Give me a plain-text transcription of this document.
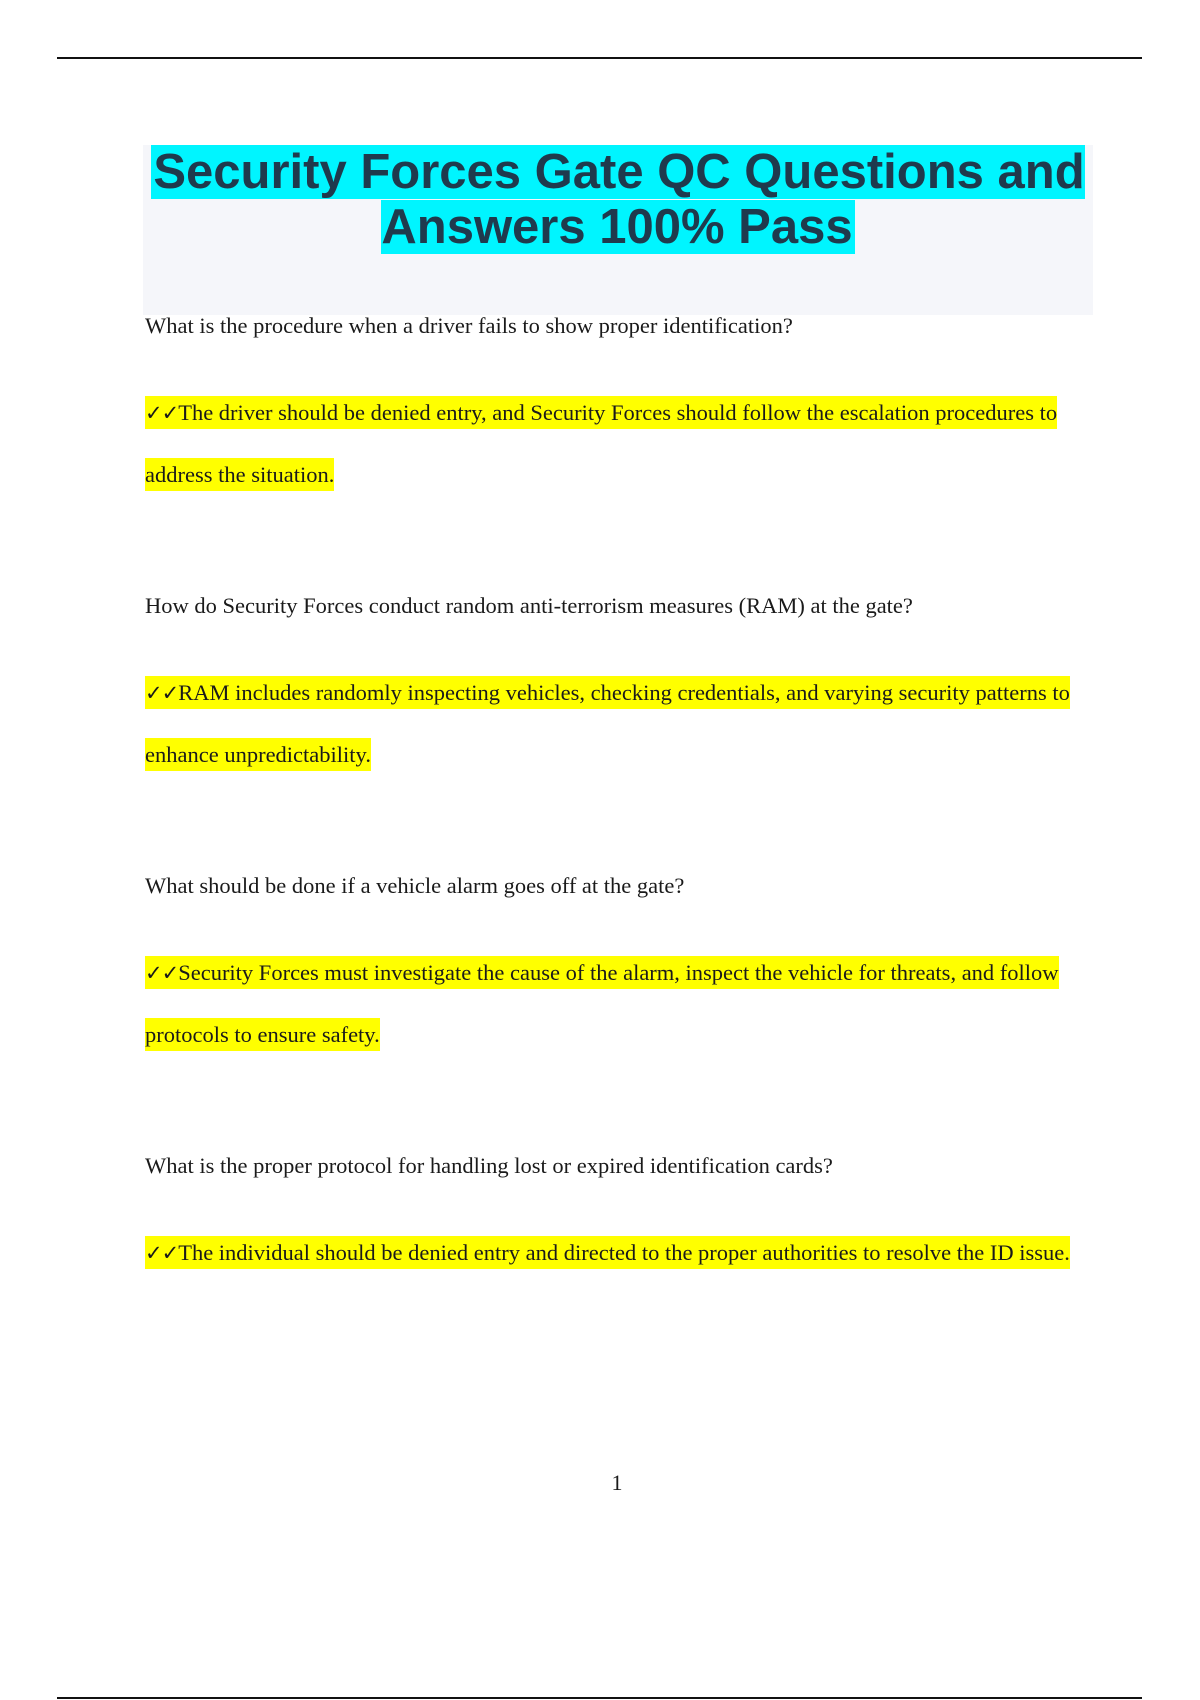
Security Forces Gate QC Questions and Answers 100% Pass

What is the procedure when a driver fails to show proper identification?

✓✓The driver should be denied entry, and Security Forces should follow the escalation procedures to address the situation.

How do Security Forces conduct random anti-terrorism measures (RAM) at the gate?

✓✓RAM includes randomly inspecting vehicles, checking credentials, and varying security patterns to enhance unpredictability.

What should be done if a vehicle alarm goes off at the gate?

✓✓Security Forces must investigate the cause of the alarm, inspect the vehicle for threats, and follow protocols to ensure safety.

What is the proper protocol for handling lost or expired identification cards?

✓✓The individual should be denied entry and directed to the proper authorities to resolve the ID issue.

1
